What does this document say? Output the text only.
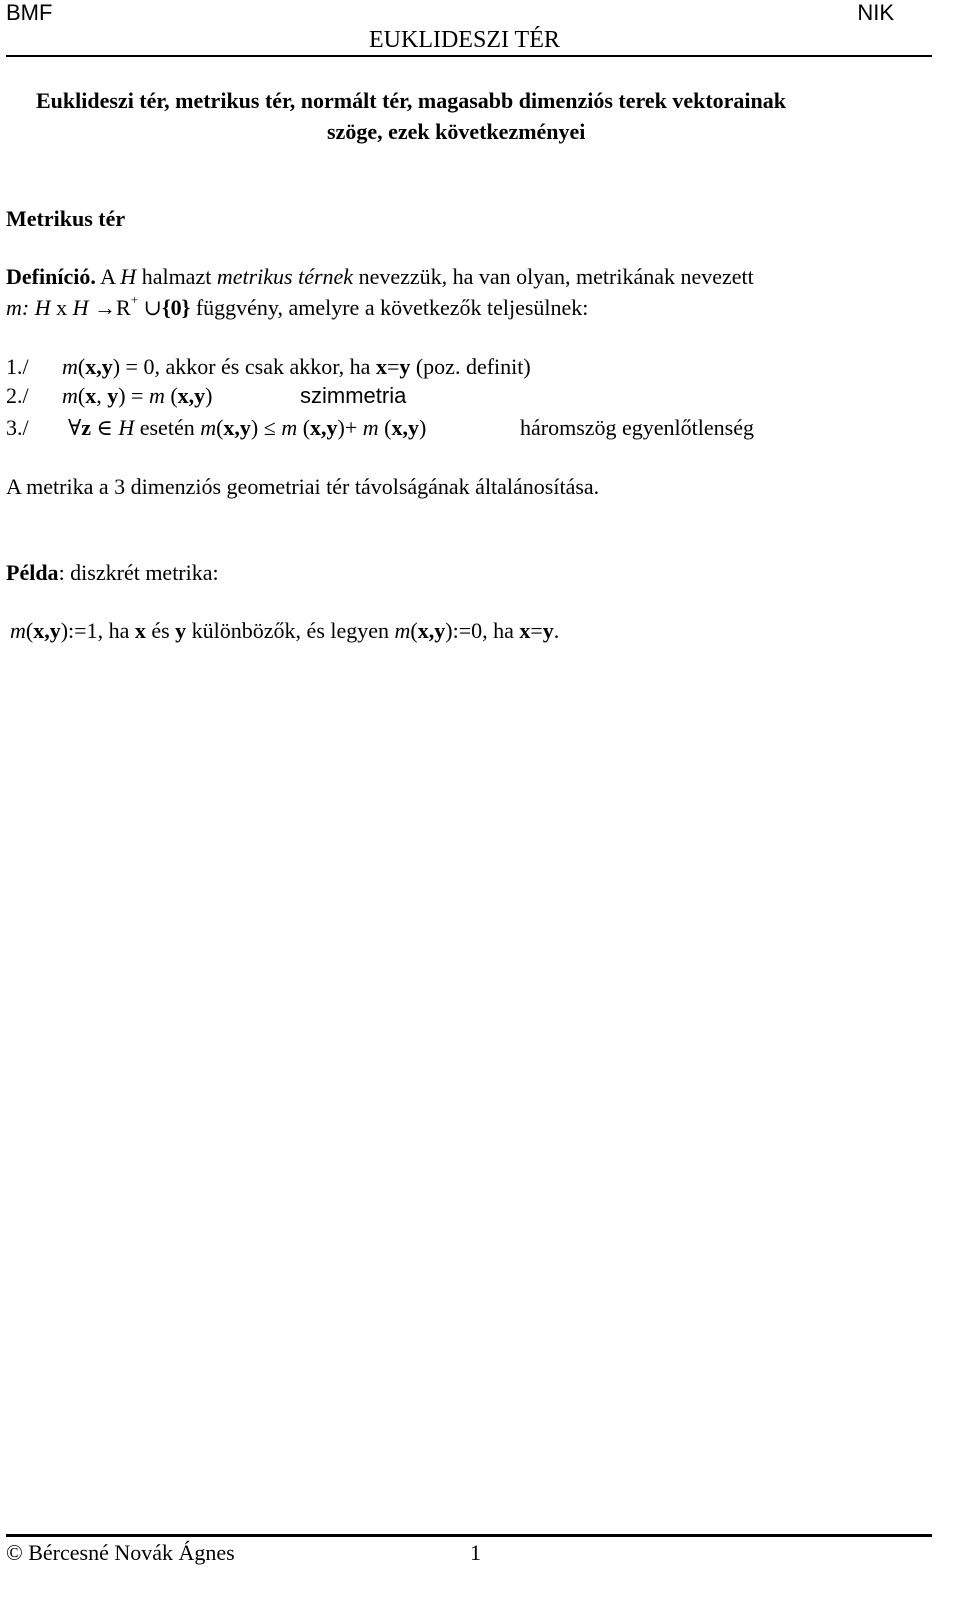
BMF
EUKLIDESZI TÉR
NIK
Euklideszi tér, metrikus tér, normált tér, magasabb dimenziós terek vektorainak
szöge, ezek következményei
Metrikus tér
Definíció. A H halmazt metrikus térnek nevezzük, ha van olyan, metrikának nevezett
m: H x H →R+ ∪{0} függvény, amelyre a következők teljesülnek:
1./ m(x,y) = 0, akkor és csak akkor, ha x=y (poz. definit)
2./ m(x, y) = m (x,y)	szimmetria
3./ ∀z ∈ H esetén m(x,y) ≤ m (x,y)+ m (x,y)	háromszög egyenlőtlenség
A metrika a 3 dimenziós geometriai tér távolságának általánosítása.
Példa: diszkrét metrika:
m(x,y):=1, ha x és y különbözők, és legyen m(x,y):=0, ha x=y.
© Bércesné Novák Ágnes	1
